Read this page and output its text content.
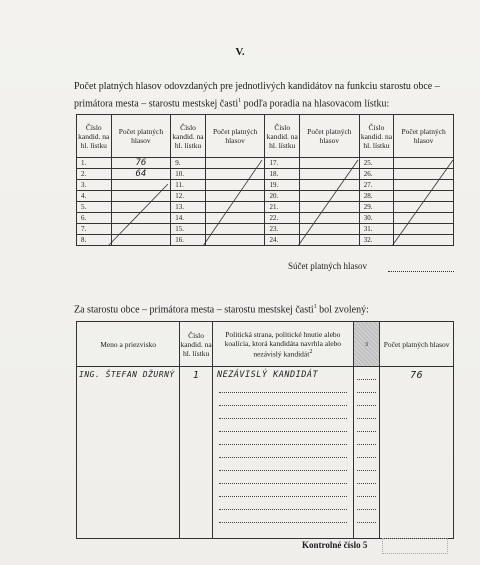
V.
Počet platných hlasov odovzdaných pre jednotlivých kandidátov na funkciu starostu obce – primátora mesta – starostu mestskej časti$^1$ podľa poradia na hlasovacom lístku:
Číslo kandid. na hl. lístku	Počet platných hlasov	Číslo kandid. na hl. lístku	Počet platných hlasov	Číslo kandid. na hl. lístku	Počet platných hlasov	Číslo kandid. na hl. lístku	Počet platných hlasov
1.	76	9.		17.		25.	
2.	64	10.		18.		26.	
3.		11.		19.		27.	
4.		12.		20.		28.	
5.		13.		21.		29.	
6.		14.		22.		30.	
7.		15.		23.		31.	
8.		16.		24.		32.	
Súčet platných hlasov
Za starostu obce – primátora mesta – starostu mestskej časti$^1$ bol zvolený:
Meno a priezvisko	Číslo kandid. na hl. lístku	Politická strana, politické hnutie alebo koalícia, ktorá kandidáta navrhla alebo nezávislý kandidát$^2$	3	Počet platných hlasov

ING. ŠTEFAN DŽURNÝ	1	NEZÁVISLÝ KANDIDÁT		76
Kontrolné číslo 5
